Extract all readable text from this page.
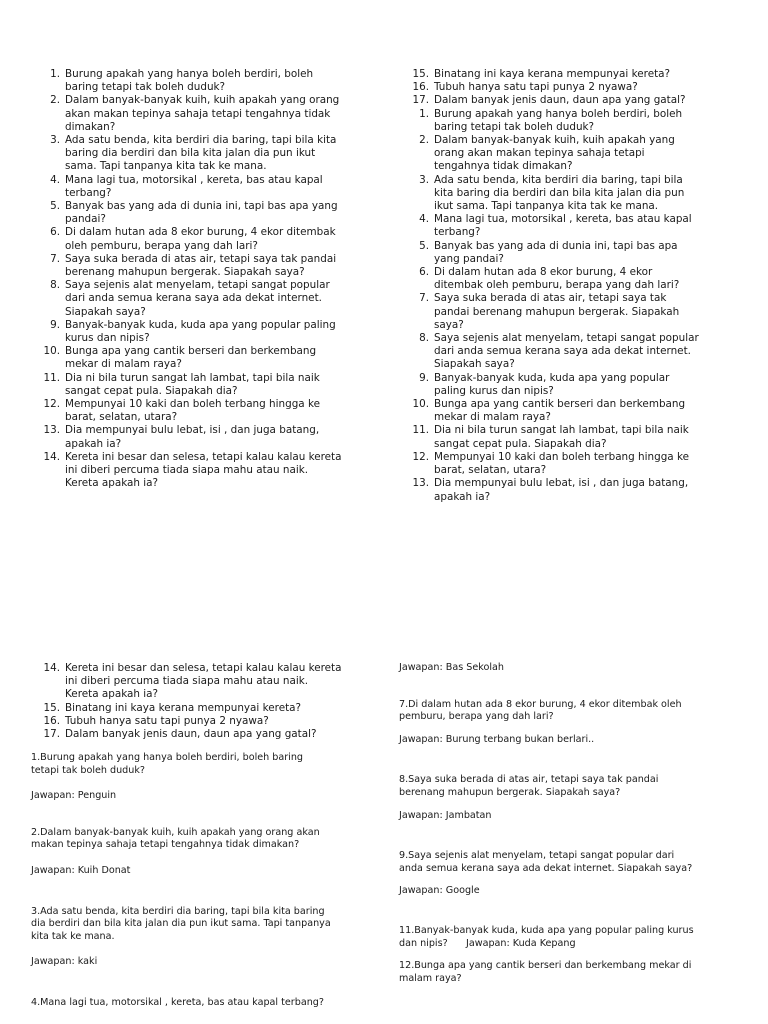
1. Burung apakah yang hanya boleh berdiri, boleh baring tetapi tak boleh duduk?
2. Dalam banyak-banyak kuih, kuih apakah yang orang akan makan tepinya sahaja tetapi tengahnya tidak dimakan?
3. Ada satu benda, kita berdiri dia baring, tapi bila kita baring dia berdiri dan bila kita jalan dia pun ikut sama. Tapi tanpanya kita tak ke mana.
4. Mana lagi tua, motorsikal , kereta, bas atau kapal terbang?
5. Banyak bas yang ada di dunia ini, tapi bas apa yang pandai?
6. Di dalam hutan ada 8 ekor burung, 4 ekor ditembak oleh pemburu, berapa yang dah lari?
7. Saya suka berada di atas air, tetapi saya tak pandai berenang mahupun bergerak. Siapakah saya?
8. Saya sejenis alat menyelam, tetapi sangat popular dari anda semua kerana saya ada dekat internet. Siapakah saya?
9. Banyak-banyak kuda, kuda apa yang popular paling kurus dan nipis?
10. Bunga apa yang cantik berseri dan berkembang mekar di malam raya?
11. Dia ni bila turun sangat lah lambat, tapi bila naik sangat cepat pula. Siapakah dia?
12. Mempunyai 10 kaki dan boleh terbang hingga ke barat, selatan, utara?
13. Dia mempunyai bulu lebat, isi , dan juga batang, apakah ia?
14. Kereta ini besar dan selesa, tetapi kalau kalau kereta ini diberi percuma tiada siapa mahu atau naik. Kereta apakah ia?
15. Binatang ini kaya kerana mempunyai kereta?
16. Tubuh hanya satu tapi punya 2 nyawa?
17. Dalam banyak jenis daun, daun apa yang gatal?
1. Burung apakah yang hanya boleh berdiri, boleh baring tetapi tak boleh duduk?
2. Dalam banyak-banyak kuih, kuih apakah yang orang akan makan tepinya sahaja tetapi tengahnya tidak dimakan?
3. Ada satu benda, kita berdiri dia baring, tapi bila kita baring dia berdiri dan bila kita jalan dia pun ikut sama. Tapi tanpanya kita tak ke mana.
4. Mana lagi tua, motorsikal , kereta, bas atau kapal terbang?
5. Banyak bas yang ada di dunia ini, tapi bas apa yang pandai?
6. Di dalam hutan ada 8 ekor burung, 4 ekor ditembak oleh pemburu, berapa yang dah lari?
7. Saya suka berada di atas air, tetapi saya tak pandai berenang mahupun bergerak. Siapakah saya?
8. Saya sejenis alat menyelam, tetapi sangat popular dari anda semua kerana saya ada dekat internet. Siapakah saya?
9. Banyak-banyak kuda, kuda apa yang popular paling kurus dan nipis?
10. Bunga apa yang cantik berseri dan berkembang mekar di malam raya?
11. Dia ni bila turun sangat lah lambat, tapi bila naik sangat cepat pula. Siapakah dia?
12. Mempunyai 10 kaki dan boleh terbang hingga ke barat, selatan, utara?
13. Dia mempunyai bulu lebat, isi , dan juga batang, apakah ia?
14. Kereta ini besar dan selesa, tetapi kalau kalau kereta ini diberi percuma tiada siapa mahu atau naik. Kereta apakah ia?
15. Binatang ini kaya kerana mempunyai kereta?
16. Tubuh hanya satu tapi punya 2 nyawa?
17. Dalam banyak jenis daun, daun apa yang gatal?

1.Burung apakah yang hanya boleh berdiri, boleh baring tetapi tak boleh duduk?

Jawapan: Penguin

2.Dalam banyak-banyak kuih, kuih apakah yang orang akan makan tepinya sahaja tetapi tengahnya tidak dimakan?

Jawapan: Kuih Donat

3.Ada satu benda, kita berdiri dia baring, tapi bila kita baring dia berdiri dan bila kita jalan dia pun ikut sama. Tapi tanpanya kita tak ke mana.

Jawapan: kaki

4.Mana lagi tua, motorsikal , kereta, bas atau kapal terbang?

Jawapan: Bas Sekolah

7.Di dalam hutan ada 8 ekor burung, 4 ekor ditembak oleh pemburu, berapa yang dah lari?

Jawapan: Burung terbang bukan berlari..

8.Saya suka berada di atas air, tetapi saya tak pandai berenang mahupun bergerak. Siapakah saya?

Jawapan: Jambatan

9.Saya sejenis alat menyelam, tetapi sangat popular dari anda semua kerana saya ada dekat internet. Siapakah saya?

Jawapan: Google

11.Banyak-banyak kuda, kuda apa yang popular paling kurus dan nipis? Jawapan: Kuda Kepang

12.Bunga apa yang cantik berseri dan berkembang mekar di malam raya?
